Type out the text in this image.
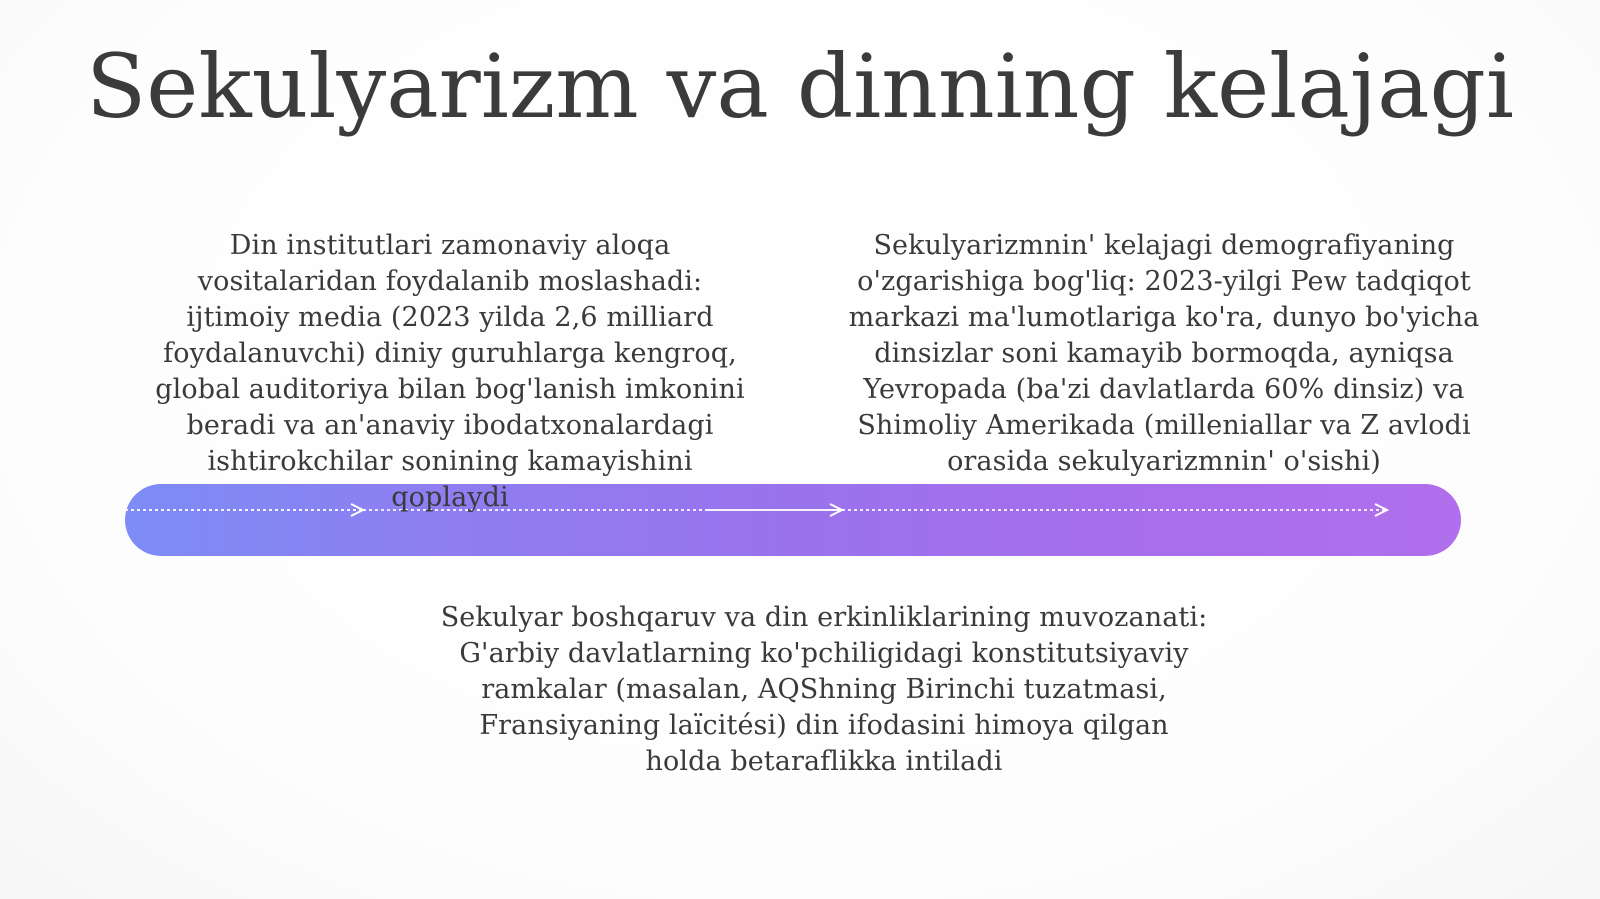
Sekulyarizm va dinning kelajagi
Din institutlari zamonaviy aloqa vositalaridan foydalanib moslashadi: ijtimoiy media (2023 yilda 2,6 milliard foydalanuvchi) diniy guruhlarga kengroq, global auditoriya bilan bog'lanish imkonini beradi va an'anaviy ibodatxonalardagi ishtirokchilar sonining kamayishini qoplaydi
Sekulyarizmnin' kelajagi demografiyaning o'zgarishiga bog'liq: 2023-yilgi Pew tadqiqot markazi ma'lumotlariga ko'ra, dunyo bo'yicha dinsizlar soni kamayib bormoqda, ayniqsa Yevropada (ba'zi davlatlarda 60% dinsiz) va Shimoliy Amerikada (milleniallar va Z avlodi orasida sekulyarizmnin' o'sishi)
Sekulyar boshqaruv va din erkinliklarining muvozanati: G'arbiy davlatlarning ko'pchiligidagi konstitutsiyaviy ramkalar (masalan, AQShning Birinchi tuzatmasi, Fransiyaning laïcitési) din ifodasini himoya qilgan holda betaraflikka intiladi
